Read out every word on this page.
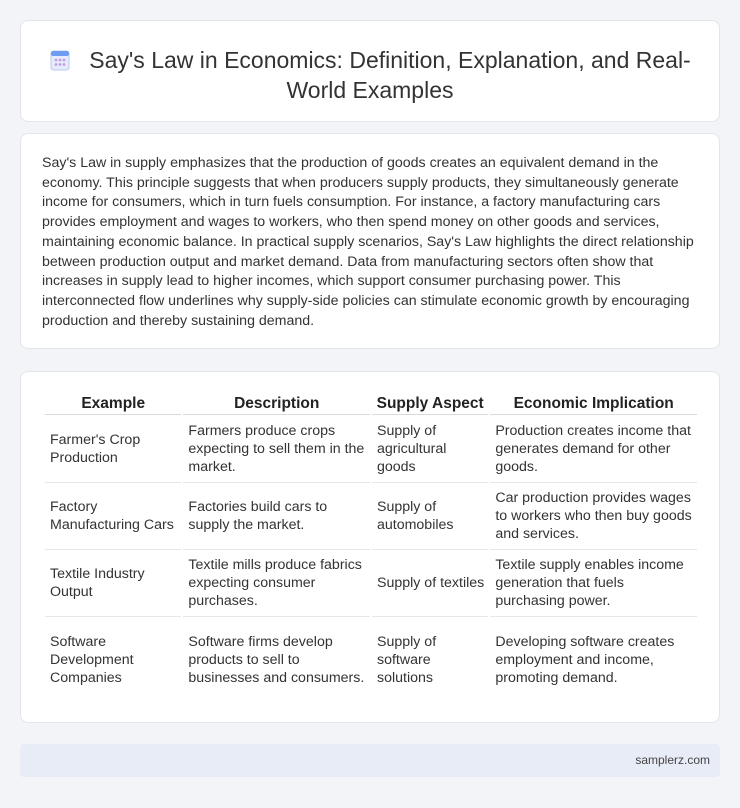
Say's Law in Economics: Definition, Explanation, and Real-World Examples

Say's Law in supply emphasizes that the production of goods creates an equivalent demand in the economy. This principle suggests that when producers supply products, they simultaneously generate income for consumers, which in turn fuels consumption. For instance, a factory manufacturing cars provides employment and wages to workers, who then spend money on other goods and services, maintaining economic balance. In practical supply scenarios, Say's Law highlights the direct relationship between production output and market demand. Data from manufacturing sectors often show that increases in supply lead to higher incomes, which support consumer purchasing power. This interconnected flow underlines why supply-side policies can stimulate economic growth by encouraging production and thereby sustaining demand.

Example	Description	Supply Aspect	Economic Implication
Farmer's Crop Production	Farmers produce crops expecting to sell them in the market.	Supply of agricultural goods	Production creates income that generates demand for other goods.
Factory Manufacturing Cars	Factories build cars to supply the market.	Supply of automobiles	Car production provides wages to workers who then buy goods and services.
Textile Industry Output	Textile mills produce fabrics expecting consumer purchases.	Supply of textiles	Textile supply enables income generation that fuels purchasing power.
Software Development Companies	Software firms develop products to sell to businesses and consumers.	Supply of software solutions	Developing software creates employment and income, promoting demand.
samplerz.com
